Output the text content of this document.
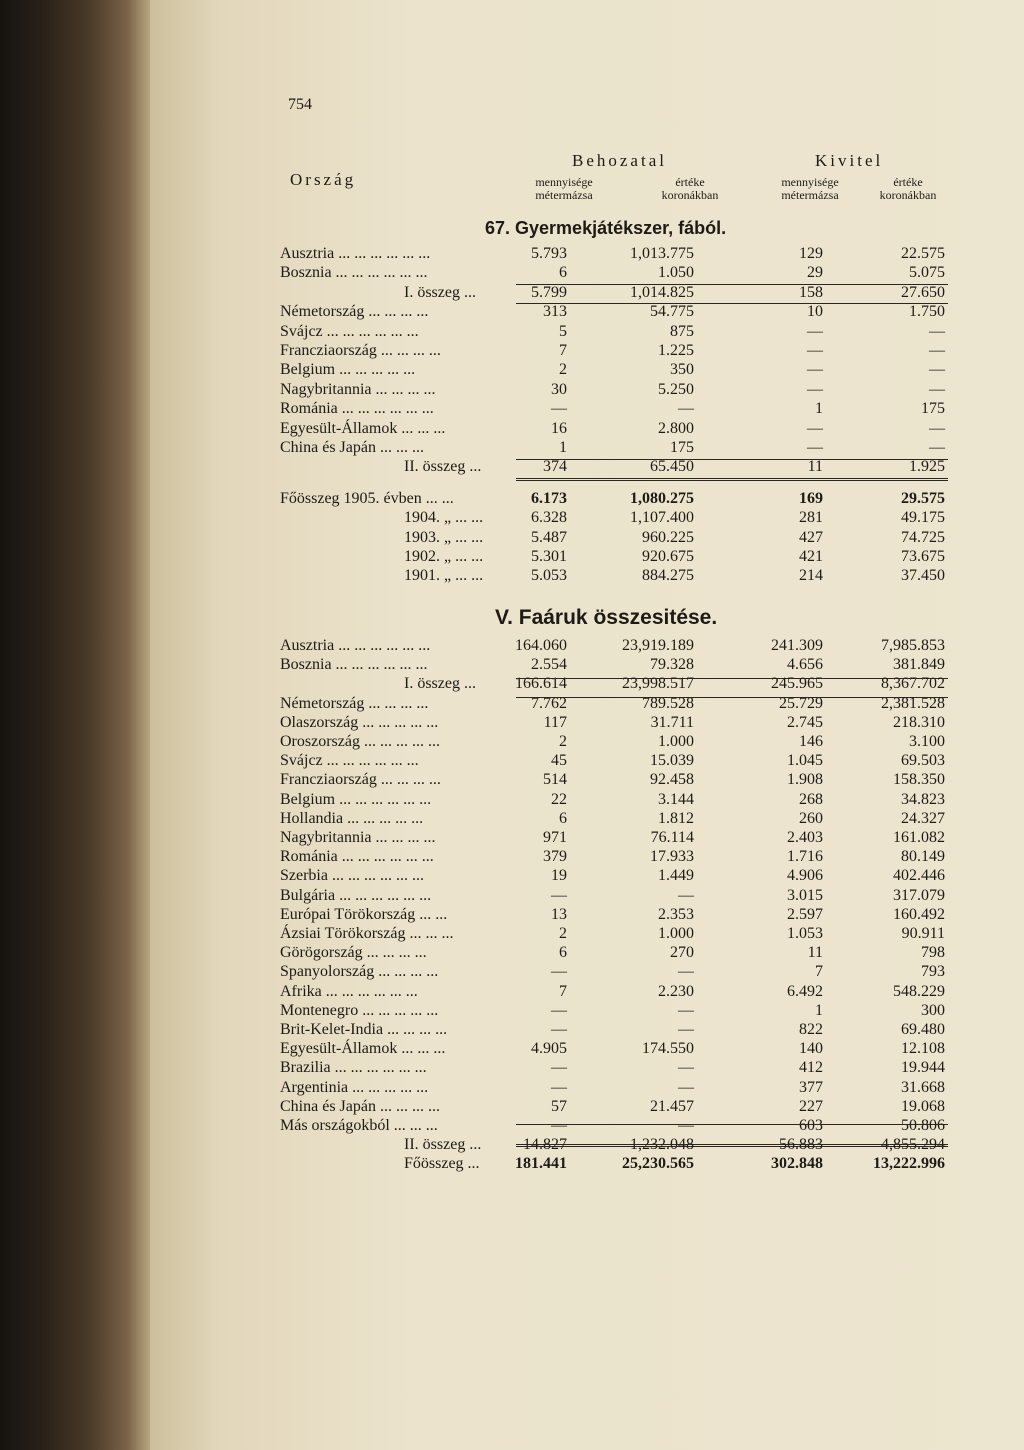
754
Ország
Behozatal	Kivitel
mennyisége
métermázsa
értéke
koronákban
mennyisége
métermázsa
értéke
koronákban
67. Gyermekjátékszer, fából.
V. Faáruk összesitése.
Ausztria ... ... ... ... ... ...	5.793	1,013.775	129	22.575
Bosznia ... ... ... ... ... ...	6	1.050	29	5.075
I. összeg ...	5.799	1,014.825	158	27.650
Németország ... ... ... ...	313	54.775	10	1.750
Svájcz ... ... ... ... ... ...	5	875	—	—
Francziaország ... ... ... ...	7	1.225	—	—
Belgium ... ... ... ... ...	2	350	—	—
Nagybritannia ... ... ... ...	30	5.250	—	—
Románia ... ... ... ... ... ...	—	—	1	175
Egyesült-Államok ... ... ...	16	2.800	—	—
China és Japán ... ... ...	1	175	—	—
II. összeg ...	374	65.450	11	1.925
Főösszeg 1905. évben ... ...	6.173	1,080.275	169	29.575
1904. „ ... ...	6.328	1,107.400	281	49.175
1903. „ ... ...	5.487	960.225	427	74.725
1902. „ ... ...	5.301	920.675	421	73.675
1901. „ ... ...	5.053	884.275	214	37.450
Ausztria ... ... ... ... ... ...	164.060	23,919.189	241.309	7,985.853
Bosznia ... ... ... ... ... ...	2.554	79.328	4.656	381.849
I. összeg ... 166.614	23,998.517	245.965	8,367.702
Németország ... ... ... ...	7.762	789.528	25.729	2,381.528
Olaszország ... ... ... ... ...	117	31.711	2.745	218.310
Oroszország ... ... ... ... ...	2	1.000	146	3.100
Svájcz ... ... ... ... ... ...	45	15.039	1.045	69.503
Francziaország ... ... ... ...	514	92.458	1.908	158.350
Belgium ... ... ... ... ... ...	22	3.144	268	34.823
Hollandia ... ... ... ... ...	6	1.812	260	24.327
Nagybritannia ... ... ... ...	971	76.114	2.403	161.082
Románia ... ... ... ... ... ...	379	17.933	1.716	80.149
Szerbia ... ... ... ... ... ...	19	1.449	4.906	402.446
Bulgária ... ... ... ... ... ...	—	—	3.015	317.079
Európai Törökország ... ...	13	2.353	2.597	160.492
Ázsiai Törökország ... ... ...	2	1.000	1.053	90.911
Görögország ... ... ... ...	6	270	11	798
Spanyolország ... ... ... ...	—	—	7	793
Afrika ... ... ... ... ... ...	7	2.230	6.492	548.229
Montenegro ... ... ... ... ...	—	—	1	300
Brit-Kelet-India ... ... ... ...	—	—	822	69.480
Egyesült-Államok ... ... ...	4.905	174.550	140	12.108
Brazilia ... ... ... ... ... ...	—	—	412	19.944
Argentinia ... ... ... ... ...	—	—	377	31.668
China és Japán ... ... ... ...	57	21.457	227	19.068
Más országokból ... ... ...	—	—	603	50.806
II. összeg ...	14.827	1,232.048	56.883	4,855.294
Főösszeg ... 181.441	25,230.565	302.848	13,222.996
